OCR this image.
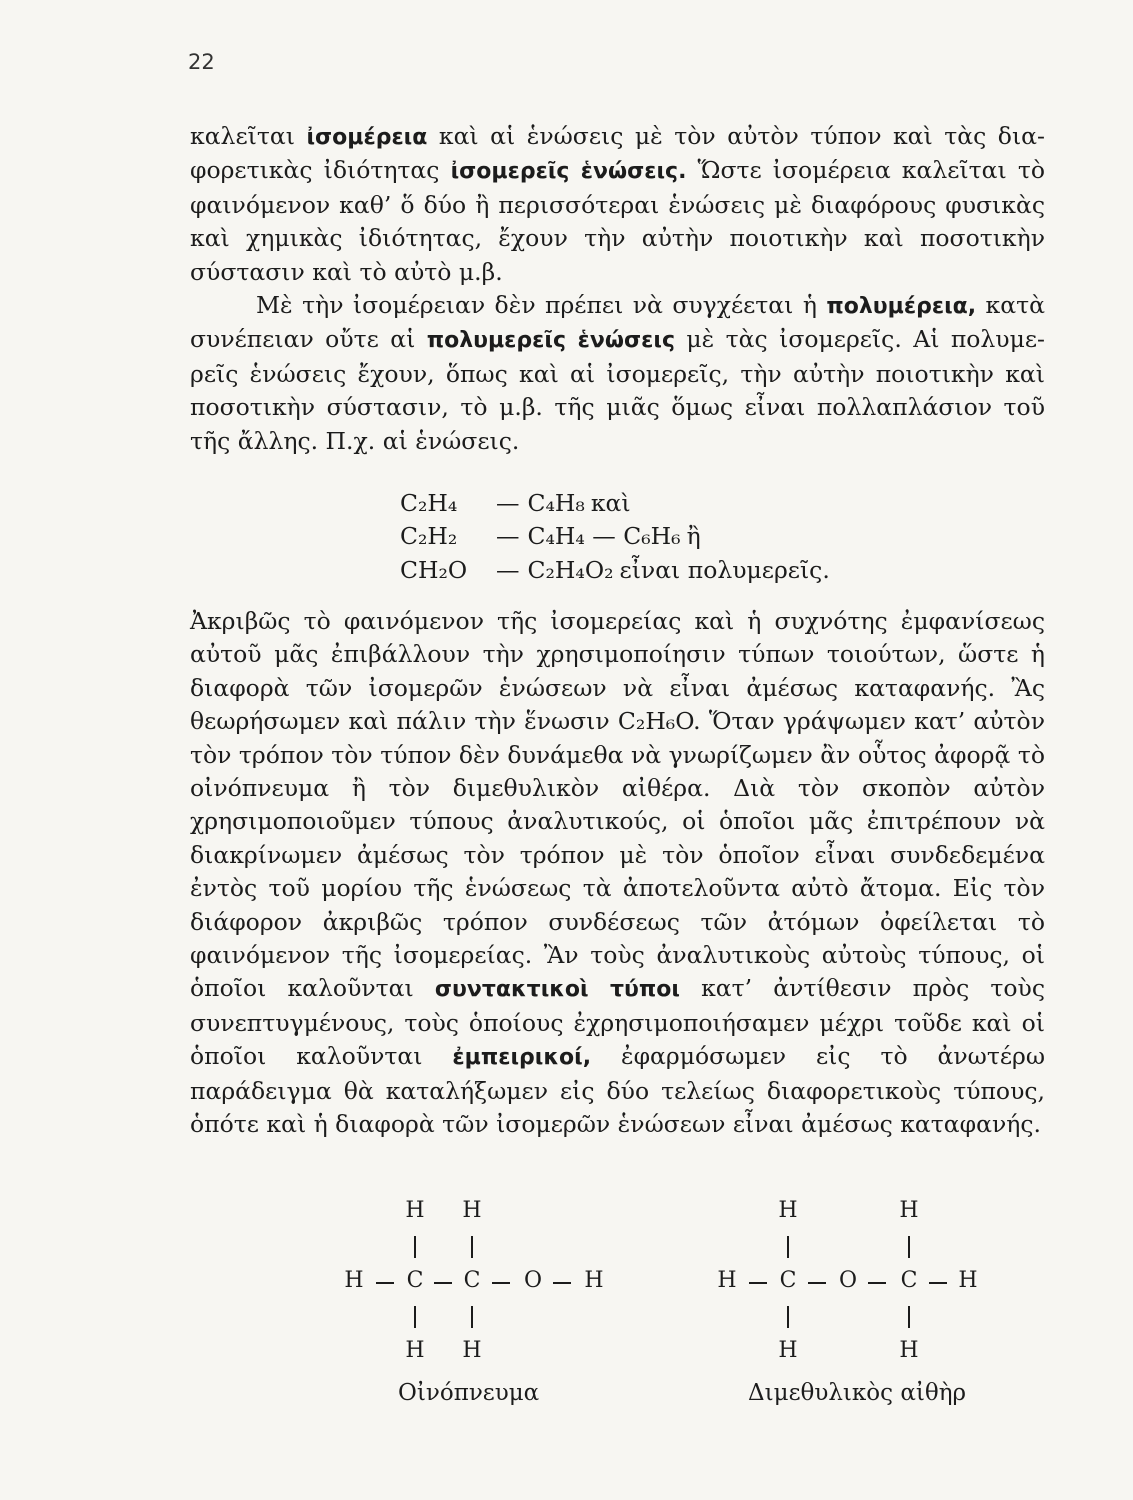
22

καλεῖται ἰσομέρεια καὶ αἱ ἑνώσεις μὲ τὸν αὐτὸν τύπον καὶ τὰς διαφορετικὰς ἰδιότητας ἰσομερεῖς ἑνώσεις. Ὥστε ἰσομέρεια καλεῖται τὸ φαινόμενον καθ’ ὅ δύο ἢ περισσότεραι ἑνώσεις μὲ διαφόρους φυσικὰς καὶ χημικὰς ἰδιότητας, ἔχουν τὴν αὐτὴν ποιοτικὴν καὶ ποσοτικὴν σύστασιν καὶ τὸ αὐτὸ μ.β.

Μὲ τὴν ἰσομέρειαν δὲν πρέπει νὰ συγχέεται ἡ πολυμέρεια, κατὰ συνέπειαν οὔτε αἱ πολυμερεῖς ἑνώσεις μὲ τὰς ἰσομερεῖς. Αἱ πολυμερεῖς ἑνώσεις ἔχουν, ὅπως καὶ αἱ ἰσομερεῖς, τὴν αὐτὴν ποιοτικὴν καὶ ποσοτικὴν σύστασιν, τὸ μ.β. τῆς μιᾶς ὅμως εἶναι πολλαπλάσιον τοῦ τῆς ἄλλης. Π.χ. αἱ ἑνώσεις.

C₂H₄	— C₄H₈ καὶ
C₂H₂	— C₄H₄ — C₆H₆ ἢ
CH₂O	— C₂H₄O₂ εἶναι πολυμερεῖς.

Ἀκριβῶς τὸ φαινόμενον τῆς ἰσομερείας καὶ ἡ συχνότης ἐμφανίσεως αὐτοῦ μᾶς ἐπιβάλλουν τὴν χρησιμοποίησιν τύπων τοιούτων, ὥστε ἡ διαφορὰ τῶν ἰσομερῶν ἑνώσεων νὰ εἶναι ἀμέσως καταφανής. Ἂς θεωρήσωμεν καὶ πάλιν τὴν ἕνωσιν C₂H₆O. Ὅταν γράψωμεν κατ’ αὐτὸν τὸν τρόπον τὸν τύπον δὲν δυνάμεθα νὰ γνωρίζωμεν ἂν οὗτος ἀφορᾷ τὸ οἰνόπνευμα ἢ τὸν διμεθυλικὸν αἰθέρα. Διὰ τὸν σκοπὸν αὐτὸν χρησιμοποιοῦμεν τύπους ἀναλυτικούς, οἱ ὁποῖοι μᾶς ἐπιτρέπουν νὰ διακρίνωμεν ἀμέσως τὸν τρόπον μὲ τὸν ὁποῖον εἶναι συνδεδεμένα ἐντὸς τοῦ μορίου τῆς ἑνώσεως τὰ ἀποτελοῦντα αὐτὸ ἄτομα. Εἰς τὸν διάφορον ἀκριβῶς τρόπον συνδέσεως τῶν ἀτόμων ὀφείλεται τὸ φαινόμενον τῆς ἰσομερείας. Ἂν τοὺς ἀναλυτικοὺς αὐτοὺς τύπους, οἱ ὁποῖοι καλοῦνται συντακτικοὶ τύποι κατ’ ἀντίθεσιν πρὸς τοὺς συνεπτυγμένους, τοὺς ὁποίους ἐχρησιμοποιήσαμεν μέχρι τοῦδε καὶ οἱ ὁποῖοι καλοῦνται ἐμπειρικοί, ἐφαρμόσωμεν εἰς τὸ ἀνωτέρω παράδειγμα θὰ καταλήξωμεν εἰς δύο τελείως διαφορετικοὺς τύπους, ὁπότε καὶ ἡ διαφορὰ τῶν ἰσομερῶν ἑνώσεων εἶναι ἀμέσως καταφανής.

H H
H C C O H
H H
Οἰνόπνευμα
H	H
H C O C H
H	H
Διμεθυλικὸς αἰθὴρ
